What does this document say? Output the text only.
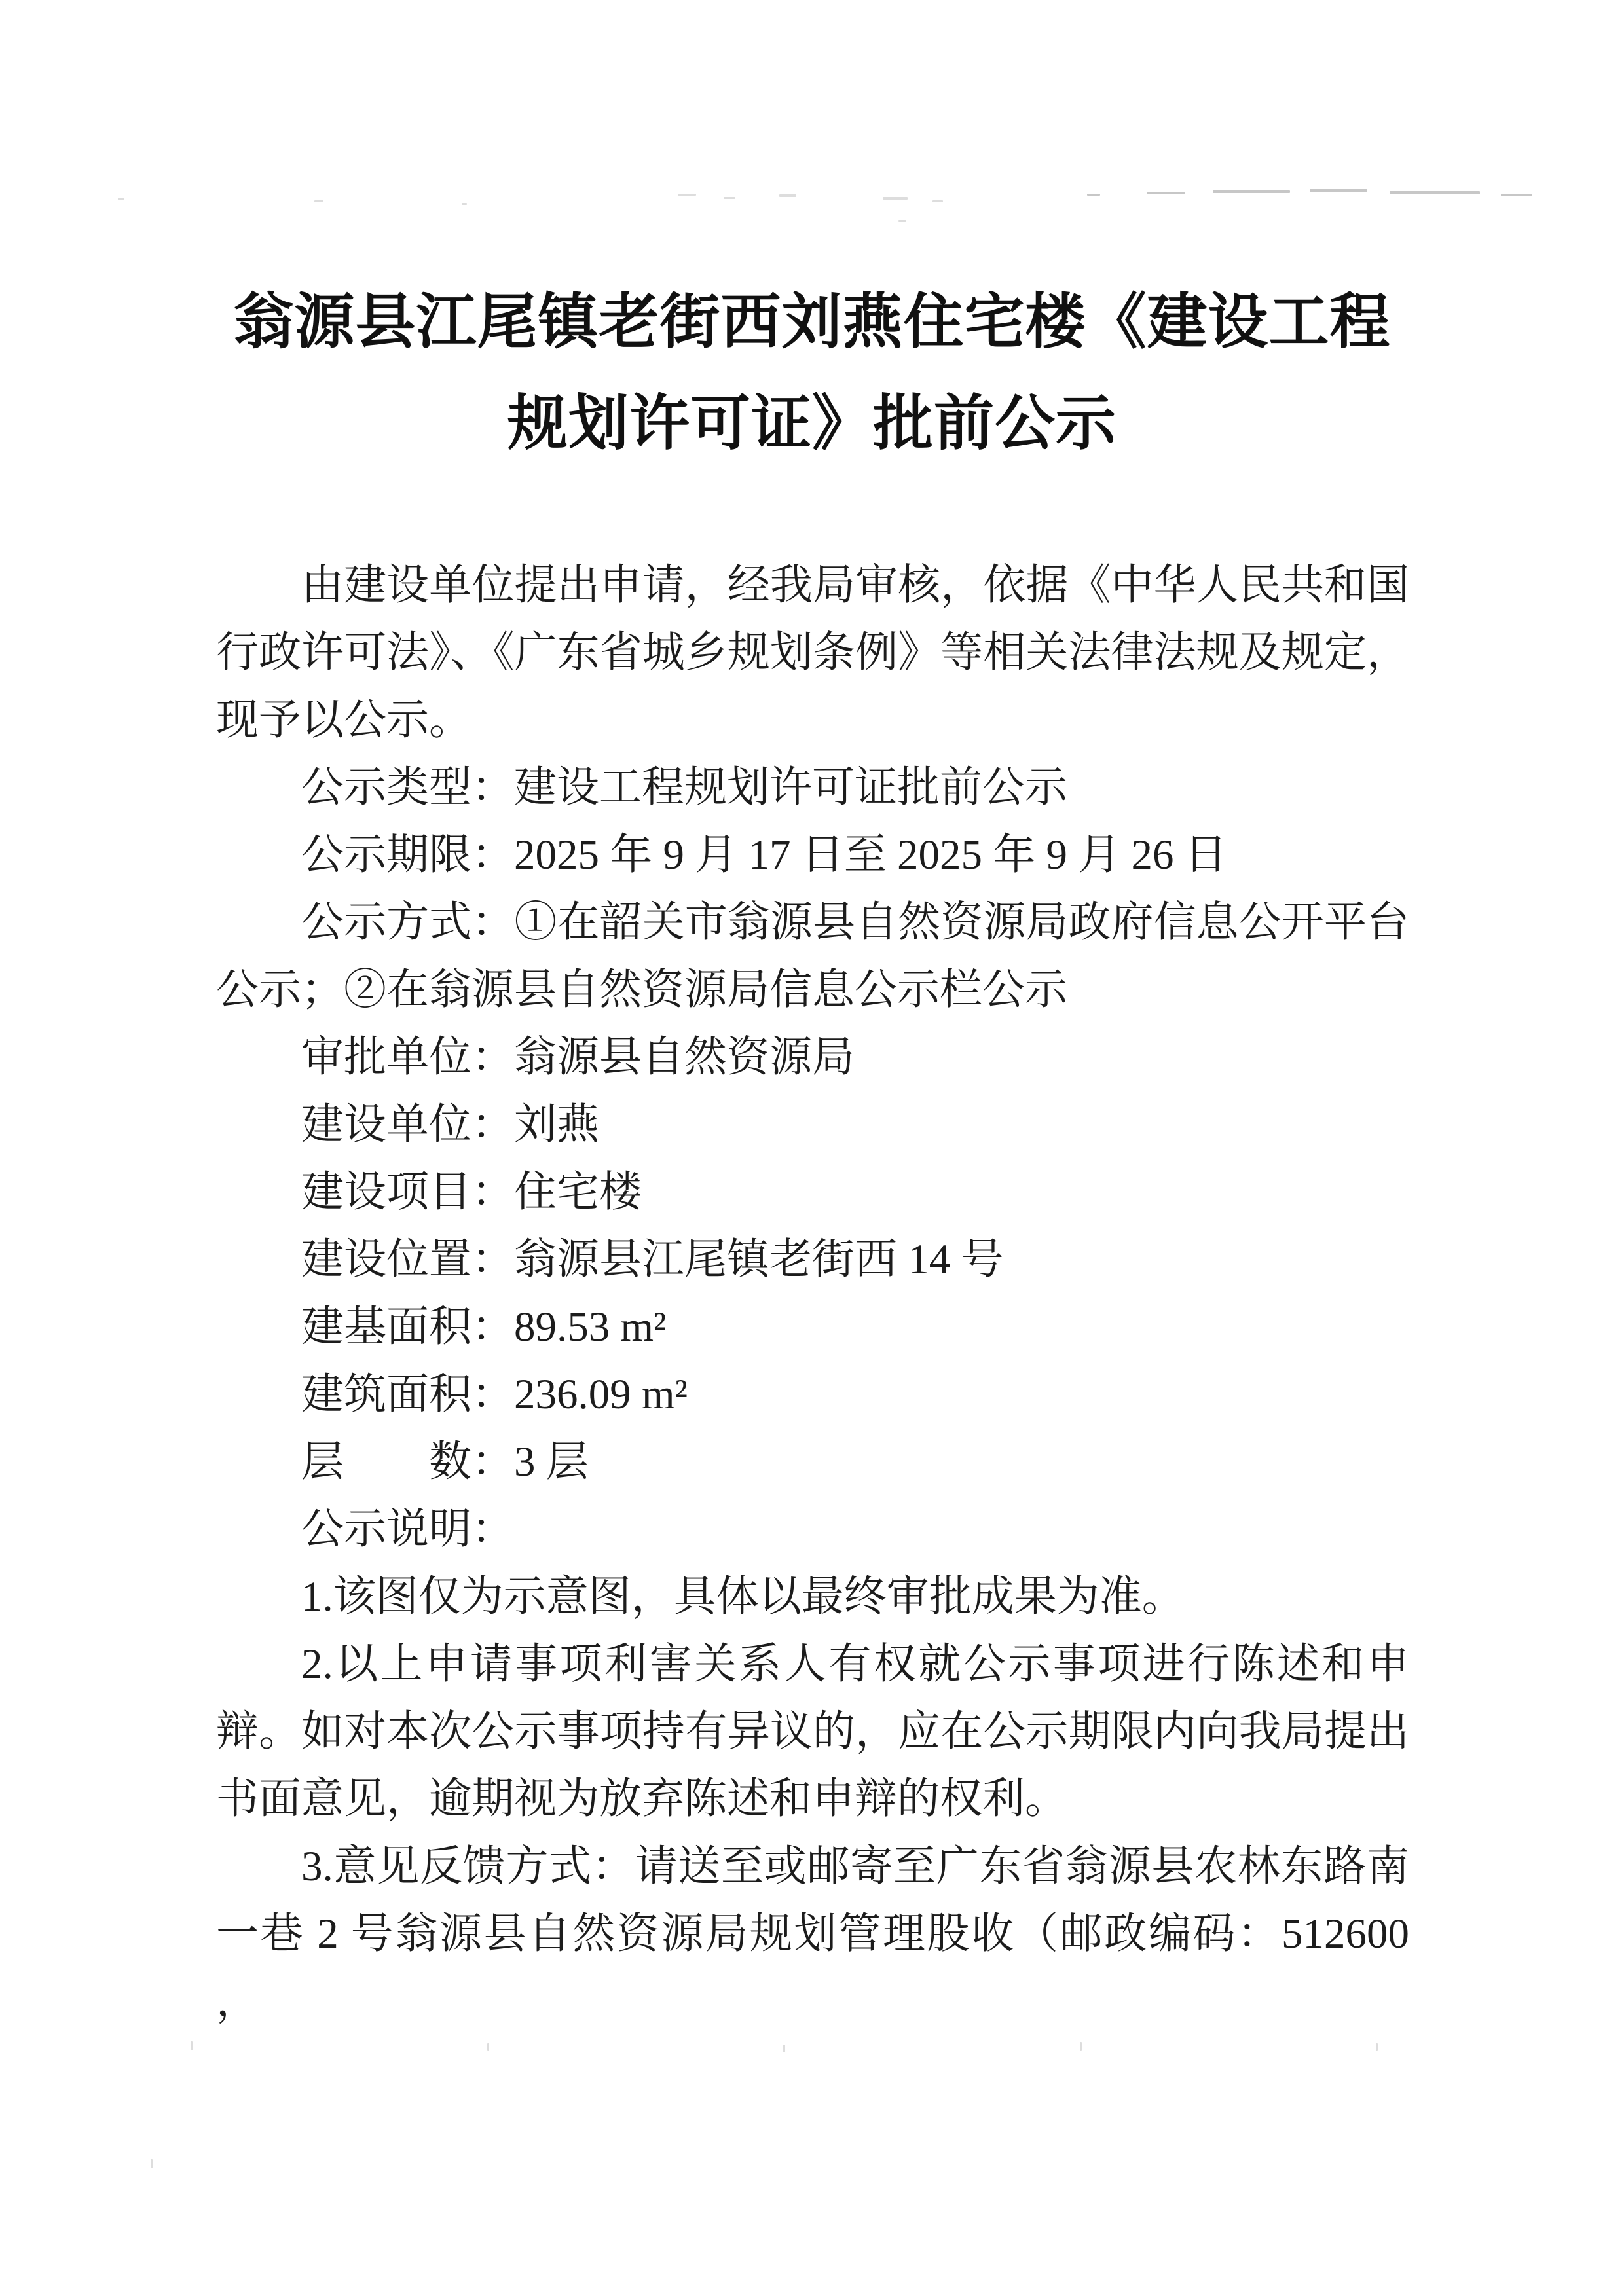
翁源县江尾镇老街西刘燕住宅楼《建设工程
规划许可证》批前公示

由建设单位提出申请，经我局审核，依据《中华人民共和国行政许可法》、《广东省城乡规划条例》等相关法律法规及规定，现予以公示。

公示类型：建设工程规划许可证批前公示

公示期限：2025 年 9 月 17 日至 2025 年 9 月 26 日

公示方式：①在韶关市翁源县自然资源局政府信息公开平台公示；②在翁源县自然资源局信息公示栏公示

审批单位：翁源县自然资源局

建设单位：刘燕

建设项目：住宅楼

建设位置：翁源县江尾镇老街西 14 号

建基面积：89.53 m²

建筑面积：236.09 m²

层　　数：3 层

公示说明：

1.该图仅为示意图，具体以最终审批成果为准。

2.以上申请事项利害关系人有权就公示事项进行陈述和申辩。如对本次公示事项持有异议的，应在公示期限内向我局提出书面意见，逾期视为放弃陈述和申辩的权利。

3.意见反馈方式：请送至或邮寄至广东省翁源县农林东路南一巷 2 号翁源县自然资源局规划管理股收（邮政编码：512600 ，
